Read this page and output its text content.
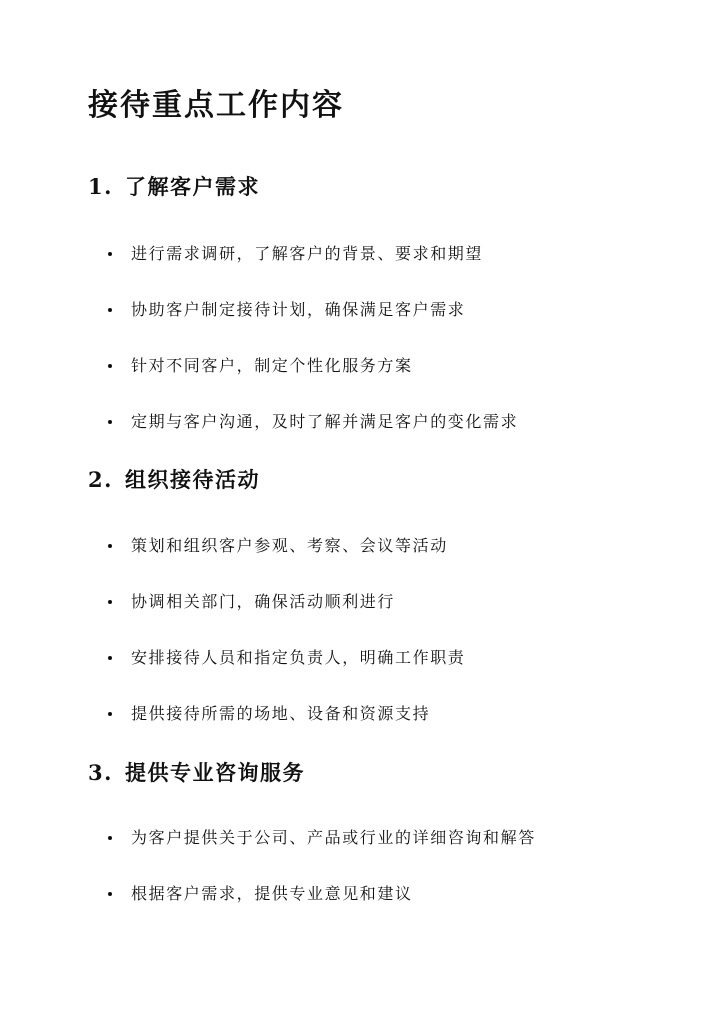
接待重点工作内容
1. 了解客户需求
进行需求调研，了解客户的背景、要求和期望
协助客户制定接待计划，确保满足客户需求
针对不同客户，制定个性化服务方案
定期与客户沟通，及时了解并满足客户的变化需求
2. 组织接待活动
策划和组织客户参观、考察、会议等活动
协调相关部门，确保活动顺利进行
安排接待人员和指定负责人，明确工作职责
提供接待所需的场地、设备和资源支持
3. 提供专业咨询服务
为客户提供关于公司、产品或行业的详细咨询和解答
根据客户需求，提供专业意见和建议
